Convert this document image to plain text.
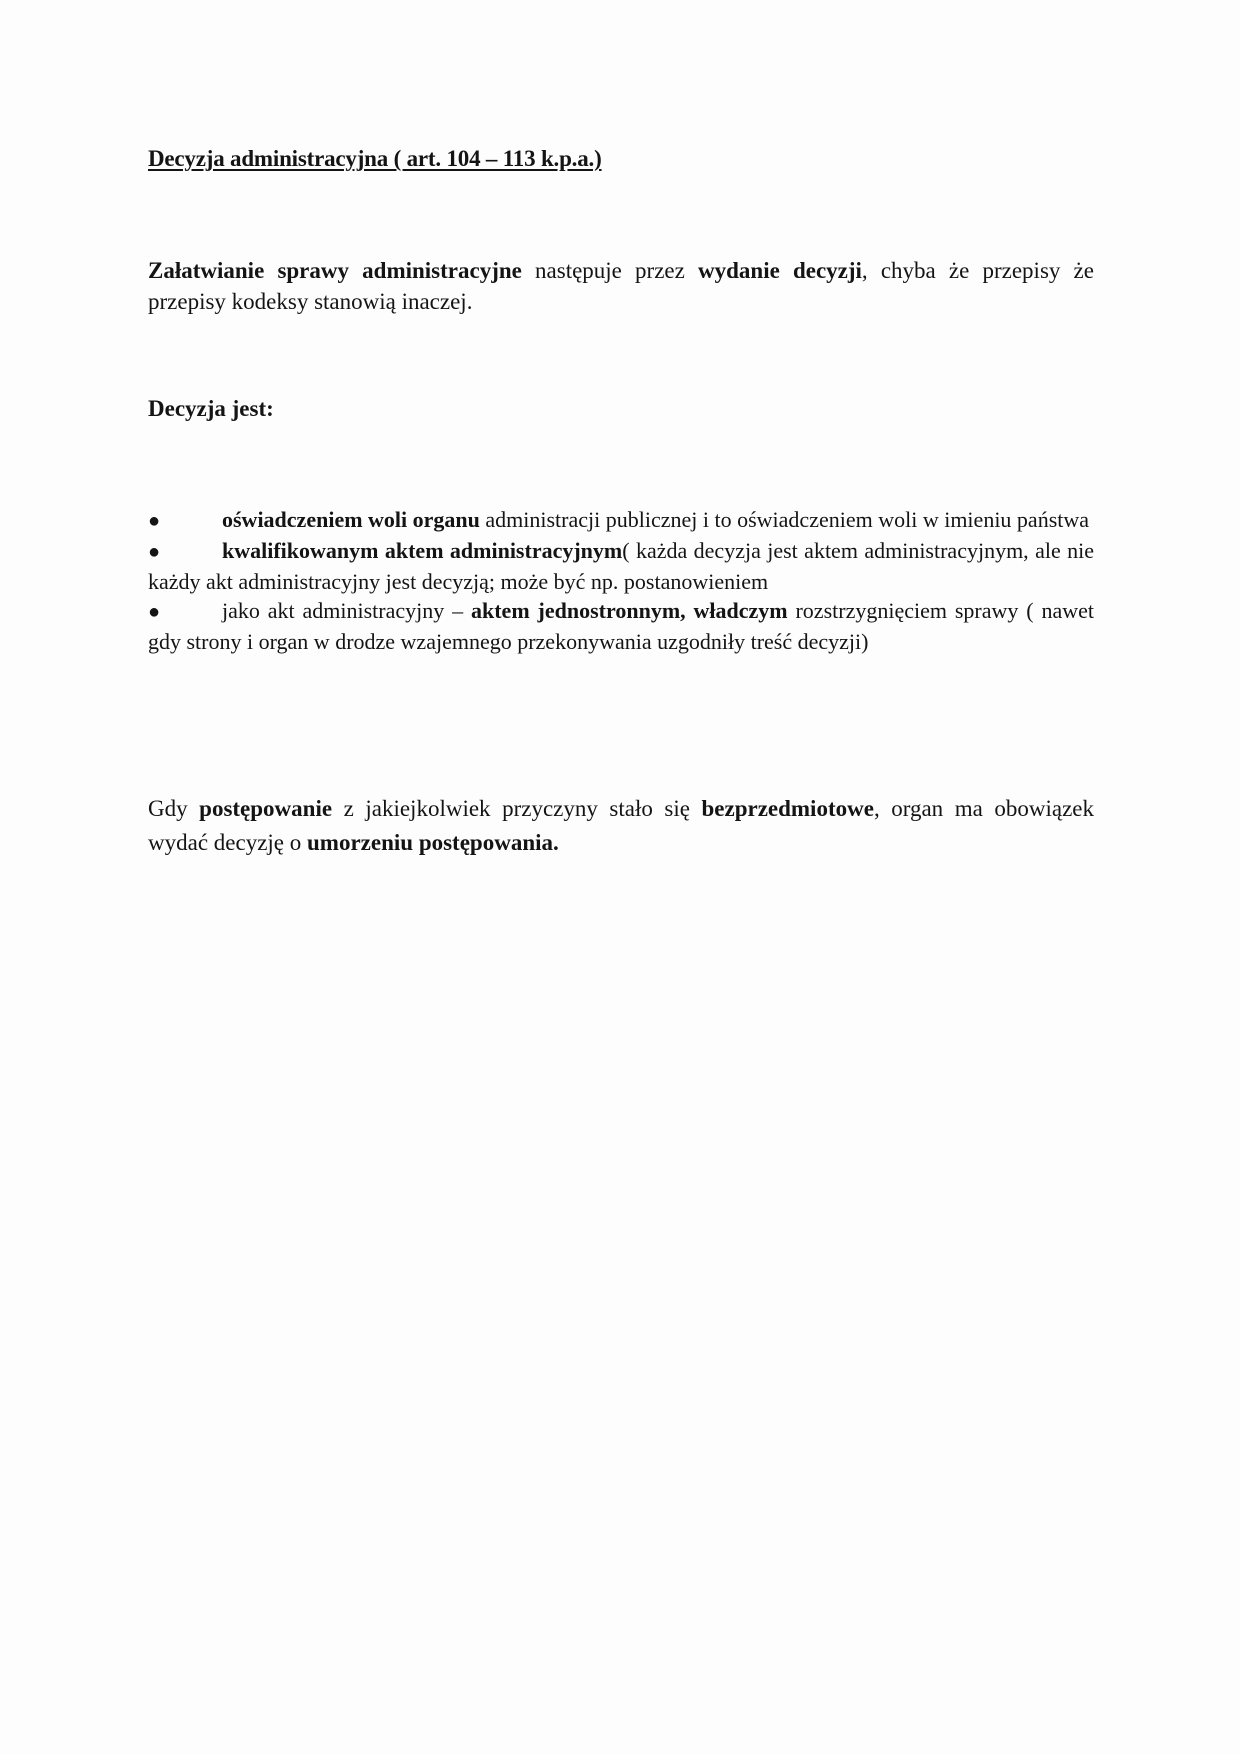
Decyzja administracyjna ( art. 104 – 113 k.p.a.)

Załatwianie sprawy administracyjne następuje przez wydanie decyzji, chyba że przepisy że przepisy kodeksy stanowią inaczej.

Decyzja jest:
●	oświadczeniem woli organu administracji publicznej i to oświadczeniem woli w imieniu państwa
●	kwalifikowanym aktem administracyjnym( każda decyzja jest aktem administracyjnym, ale nie każdy akt administracyjny jest decyzją; może być np. postanowieniem
●	jako akt administracyjny – aktem jednostronnym, władczym rozstrzygnięciem sprawy ( nawet gdy strony i organ w drodze wzajemnego przekonywania uzgodniły treść decyzji)

Gdy postępowanie z jakiejkolwiek przyczyny stało się bezprzedmiotowe, organ ma obowiązek wydać decyzję o umorzeniu postępowania.
